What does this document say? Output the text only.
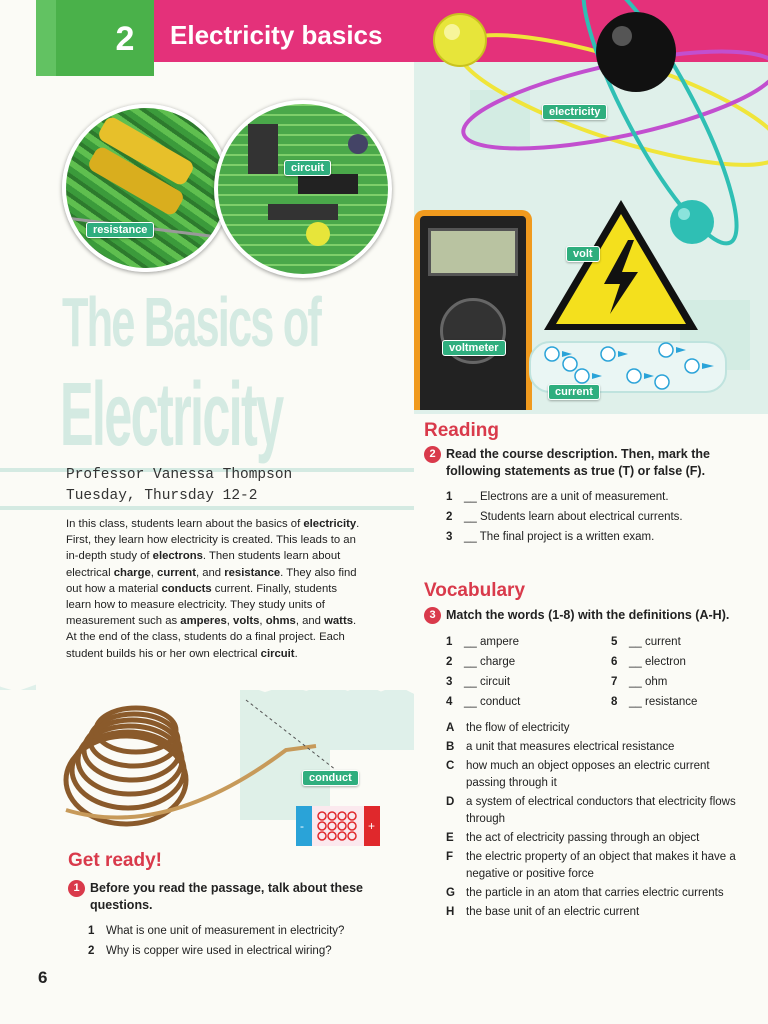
2	Electricity basics
resistance
circuit
The Basics of
Electricity
Professor Vanessa Thompson
Tuesday, Thursday 12-2
In this class, students learn about the basics of electricity. First, they learn how electricity is created. This leads to an in-depth study of electrons. Then students learn about electrical charge, current, and resistance. They also find out how a material conducts current. Finally, students learn how to measure electricity. They study units of measurement such as amperes, volts, ohms, and watts. At the end of the class, students do a final project. Each student builds his or her own electrical circuit.
voltmeter
volt
electricity
current
conduct
-	+
Get ready!
1 Before you read the passage, talk about these questions.
1 What is one unit of measurement in electricity?
2 Why is copper wire used in electrical wiring?
Reading
2 Read the course description. Then, mark the following statements as true (T) or false (F).
1 __ Electrons are a unit of measurement.
2 __ Students learn about electrical currents.
3 __ The final project is a written exam.
Vocabulary
3 Match the words (1-8) with the definitions (A-H).
1 __ ampere
2 __ charge
3 __ circuit
4 __ conduct
5 __ current
6 __ electron
7 __ ohm
8 __ resistance
A	the flow of electricity
B	a unit that measures electrical resistance
C	how much an object opposes an electric current passing through it
D	a system of electrical conductors that electricity flows through
E	the act of electricity passing through an object
F	the electric property of an object that makes it have a negative or positive force
G the particle in an atom that carries electric currents
H	the base unit of an electric current
6
